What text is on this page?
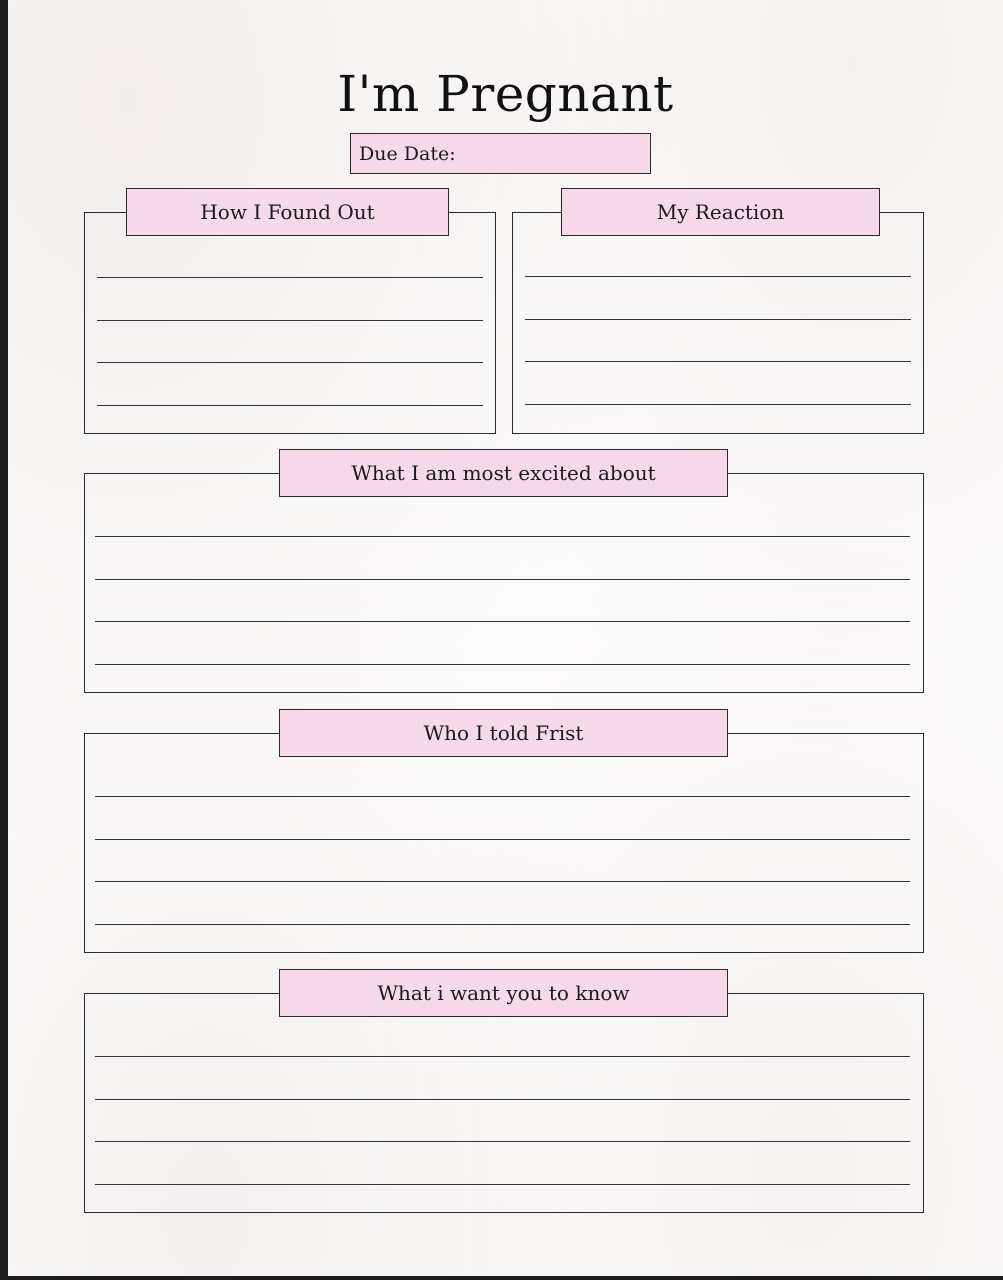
I'm Pregnant
Due Date:
How I Found Out	My Reaction
What I am most excited about
Who I told Frist
What i want you to know
